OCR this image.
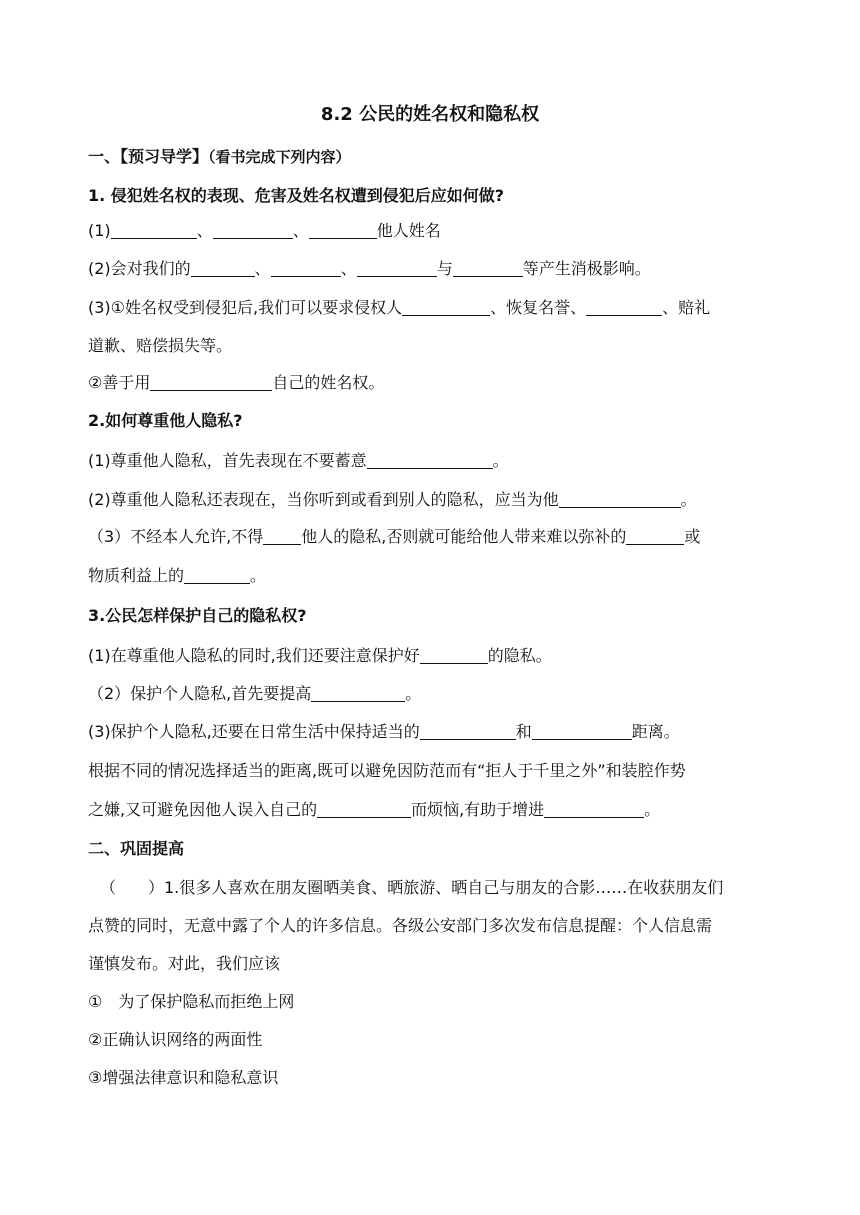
8.2 公民的姓名权和隐私权
一、【预习导学】（看书完成下列内容）
1. 侵犯姓名权的表现、危害及姓名权遭到侵犯后应如何做?
(1)	、	、	他人姓名
(2)会对我们的	、	、	与	等产生消极影响。
(3)①姓名权受到侵犯后,我们可以要求侵权人	、恢复名誉、	、赔礼
道歉、赔偿损失等。
②善于用	自己的姓名权。
2.如何尊重他人隐私?
(1)尊重他人隐私，首先表现在不要蓄意	。
(2)尊重他人隐私还表现在，当你听到或看到别人的隐私，应当为他	。
（3）不经本人允许,不得 他人的隐私,否则就可能给他人带来难以弥补的	或
物质利益上的	。
3.公民怎样保护自己的隐私权?
(1)在尊重他人隐私的同时,我们还要注意保护好	的隐私。
（2）保护个人隐私,首先要提高	。
(3)保护个人隐私,还要在日常生活中保持适当的	和	距离。
根据不同的情况选择适当的距离,既可以避免因防范而有“拒人于千里之外”和装腔作势
之嫌,又可避免因他人误入自己的	而烦恼,有助于增进	。
二、巩固提高
（　　）1.很多人喜欢在朋友圈晒美食、晒旅游、晒自己与朋友的合影……在收获朋友们
点赞的同时，无意中露了个人的许多信息。各级公安部门多次发布信息提醒：个人信息需
谨慎发布。对此，我们应该
①　为了保护隐私而拒绝上网
②正确认识网络的两面性
③增强法律意识和隐私意识
